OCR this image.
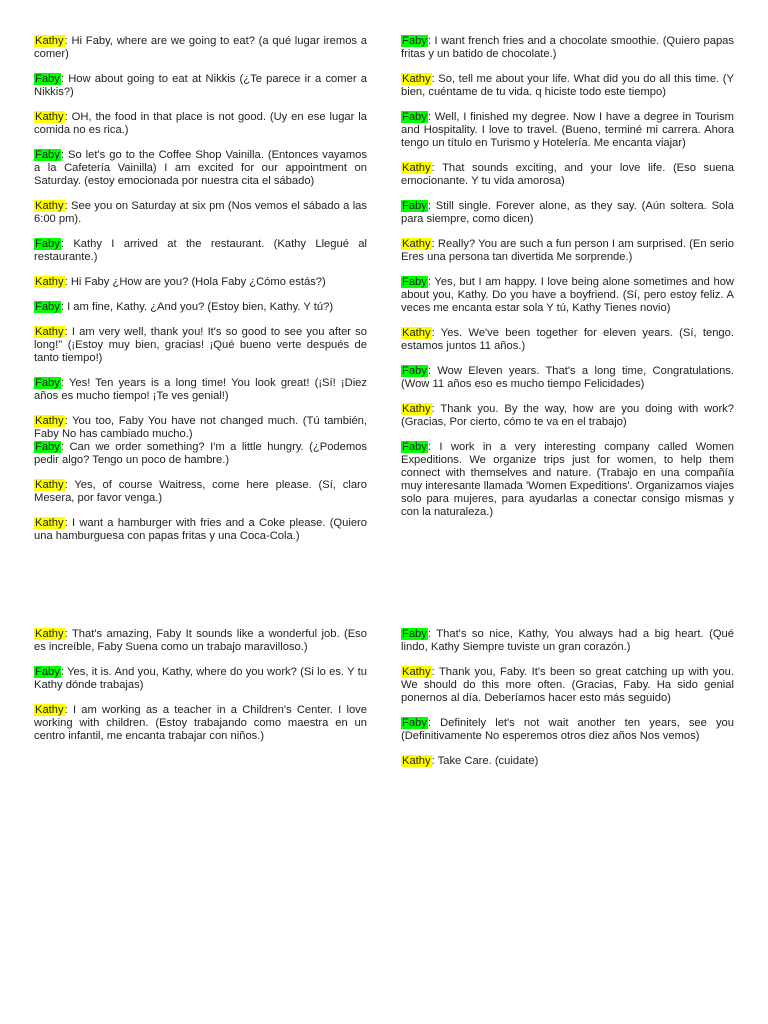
Kathy: Hi Faby, where are we going to eat? (a qué lugar iremos a comer)

Faby: How about going to eat at Nikkis (¿Te parece ir a comer a Nikkis?)

Kathy: OH, the food in that place is not good. (Uy en ese lugar la comida no es rica.)

Faby: So let's go to the Coffee Shop Vainilla. (Entonces vayamos a la Cafetería Vainilla) I am excited for our appointment on Saturday. (estoy emocionada por nuestra cita el sábado)

Kathy: See you on Saturday at six pm (Nos vemos el sábado a las 6:00 pm).

Faby: Kathy I arrived at the restaurant. (Kathy Llegué al restaurante.)

Kathy: Hi Faby ¿How are you? (Hola Faby ¿Cómo estás?)

Faby: I am fine, Kathy. ¿And you? (Estoy bien, Kathy. Y tú?)

Kathy: I am very well, thank you! It's so good to see you after so long!" (¡Estoy muy bien, gracias! ¡Qué bueno verte después de tanto tiempo!)

Faby: Yes! Ten years is a long time! You look great! (¡Sí! ¡Diez años es mucho tiempo! ¡Te ves genial!)

Kathy: You too, Faby You have not changed much. (Tú también, Faby No has cambiado mucho.)

Faby: Can we order something? I'm a little hungry. (¿Podemos pedir algo? Tengo un poco de hambre.)

Kathy: Yes, of course Waitress, come here please. (Sí, claro Mesera, por favor venga.)

Kathy: I want a hamburger with fries and a Coke please. (Quiero una hamburguesa con papas fritas y una Coca-Cola.)

Faby: I want french fries and a chocolate smoothie. (Quiero papas fritas y un batido de chocolate.)

Kathy: So, tell me about your life. What did you do all this time. (Y bien, cuéntame de tu vida. q hiciste todo este tiempo)

Faby: Well, I finished my degree. Now I have a degree in Tourism and Hospitality. I love to travel. (Bueno, terminé mi carrera. Ahora tengo un título en Turismo y Hotelería. Me encanta viajar)

Kathy: That sounds exciting, and your love life. (Eso suena emocionante. Y tu vida amorosa)

Faby: Still single. Forever alone, as they say. (Aún soltera. Sola para siempre, como dicen)

Kathy: Really? You are such a fun person I am surprised. (En serio Eres una persona tan divertida Me sorprende.)

Faby: Yes, but I am happy. I love being alone sometimes and how about you, Kathy. Do you have a boyfriend. (Sí, pero estoy feliz. A veces me encanta estar sola Y tú, Kathy Tienes novio)

Kathy: Yes. We've been together for eleven years. (Sí, tengo. estamos juntos 11 años.)

Faby: Wow Eleven years. That's a long time, Congratulations. (Wow 11 años eso es mucho tiempo Felicidades)

Kathy: Thank you. By the way, how are you doing with work? (Gracias, Por cierto, cómo te va en el trabajo)

Faby: I work in a very interesting company called Women Expeditions. We organize trips just for women, to help them connect with themselves and nature. (Trabajo en una compañía muy interesante llamada 'Women Expeditions'. Organizamos viajes solo para mujeres, para ayudarlas a conectar consigo mismas y con la naturaleza.)

Kathy: That's amazing, Faby It sounds like a wonderful job. (Eso es increíble, Faby Suena como un trabajo maravilloso.)

Faby: Yes, it is. And you, Kathy, where do you work? (Si lo es. Y tu Kathy dónde trabajas)

Kathy: I am working as a teacher in a Children's Center. I love working with children. (Estoy trabajando como maestra en un centro infantil, me encanta trabajar con niños.)

Faby: That's so nice, Kathy, You always had a big heart. (Qué lindo, Kathy Siempre tuviste un gran corazón.)

Kathy: Thank you, Faby. It's been so great catching up with you. We should do this more often. (Gracias, Faby. Ha sido genial ponernos al día. Deberíamos hacer esto más seguido)

Faby: Definitely let's not wait another ten years, see you (Definitivamente No esperemos otros diez años Nos vemos)

Kathy: Take Care. (cuidate)
